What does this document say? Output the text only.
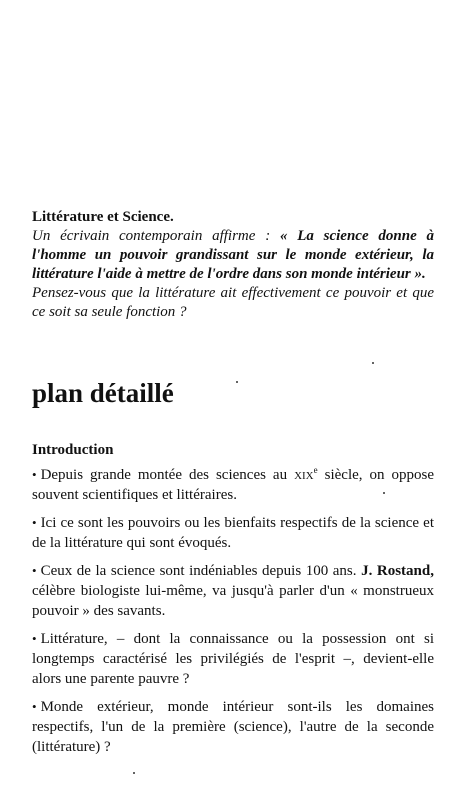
Littérature et Science.

Un écrivain contemporain affirme : « La science donne à l'homme un pouvoir grandissant sur le monde extérieur, la littérature l'aide à mettre de l'ordre dans son monde intérieur ».

Pensez-vous que la littérature ait effectivement ce pouvoir et que ce soit sa seule fonction ?

plan détaillé
Introduction

• Depuis grande montée des sciences au xix$^e$ siècle, on oppose souvent scientifiques et littéraires.

• Ici ce sont les pouvoirs ou les bienfaits respectifs de la science et de la littérature qui sont évoqués.

• Ceux de la science sont indéniables depuis 100 ans. J. Rostand, célèbre biologiste lui-même, va jusqu'à parler d'un « monstrueux pouvoir » des savants.

• Littérature, – dont la connaissance ou la possession ont si longtemps caractérisé les privilégiés de l'esprit –, devient-elle alors une parente pauvre ?

• Monde extérieur, monde intérieur sont-ils les domaines respectifs, l'un de la première (science), l'autre de la seconde (littérature) ?
